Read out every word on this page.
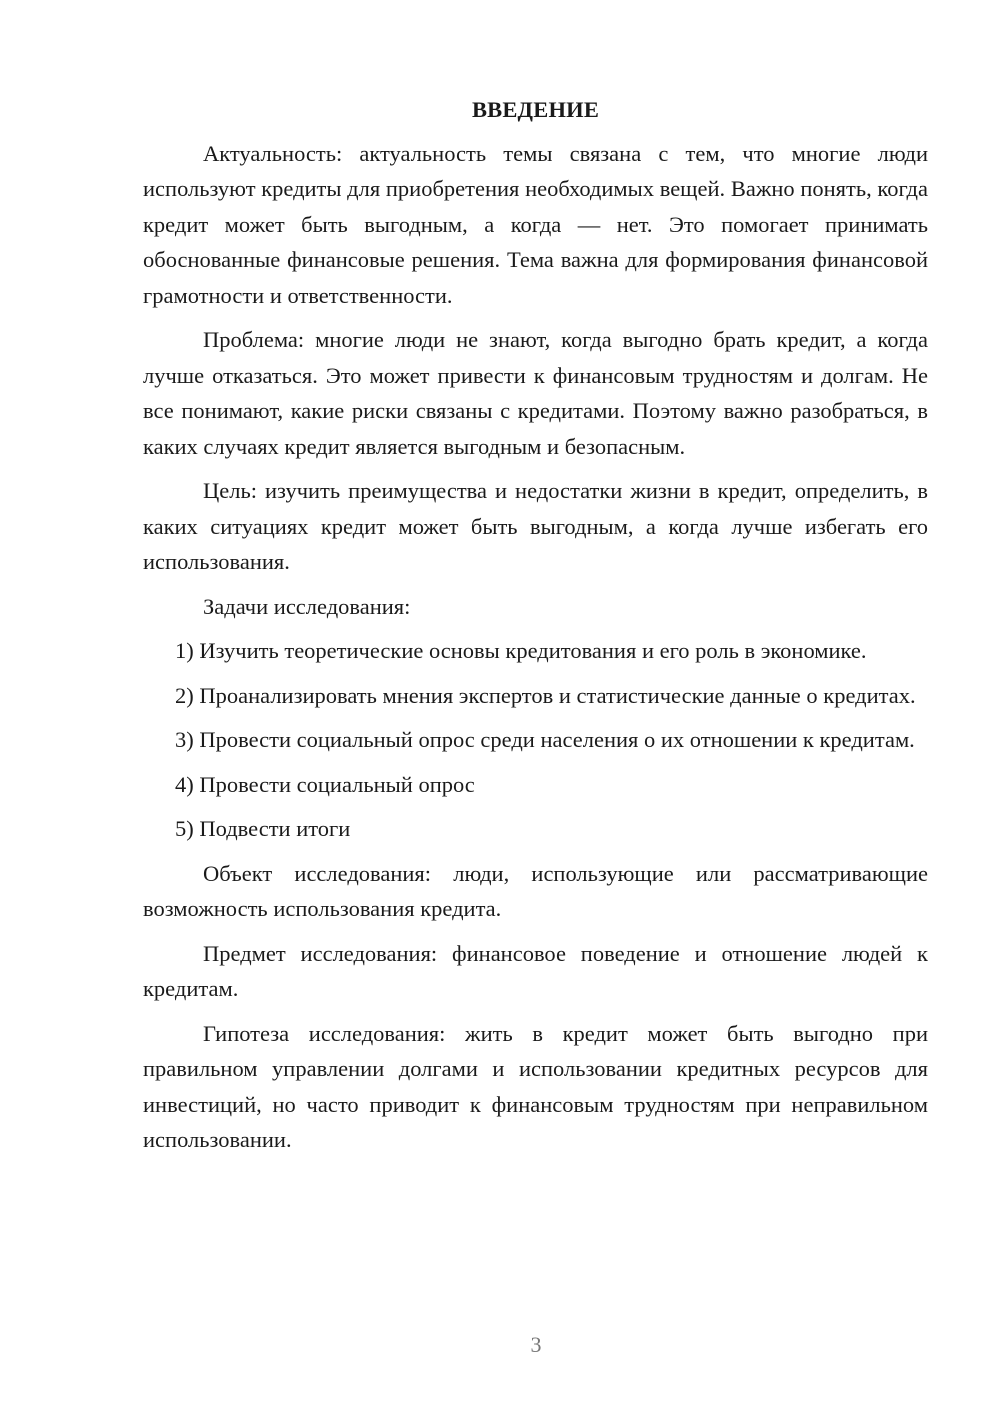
ВВЕДЕНИЕ

Актуальность: актуальность темы связана с тем, что многие люди используют кредиты для приобретения необходимых вещей. Важно понять, когда кредит может быть выгодным, а когда — нет. Это помогает принимать обоснованные финансовые решения. Тема важна для формирования финансовой грамотности и ответственности.

Проблема: многие люди не знают, когда выгодно брать кредит, а когда лучше отказаться. Это может привести к финансовым трудностям и долгам. Не все понимают, какие риски связаны с кредитами. Поэтому важно разобраться, в каких случаях кредит является выгодным и безопасным.

Цель: изучить преимущества и недостатки жизни в кредит, определить, в каких ситуациях кредит может быть выгодным, а когда лучше избегать его использования.

Задачи исследования:

1) Изучить теоретические основы кредитования и его роль в экономике.

2) Проанализировать мнения экспертов и статистические данные о кредитах.

3) Провести социальный опрос среди населения о их отношении к кредитам.

4) Провести социальный опрос

5) Подвести итоги

Объект исследования: люди, использующие или рассматривающие возможность использования кредита.

Предмет исследования: финансовое поведение и отношение людей к кредитам.

Гипотеза исследования: жить в кредит может быть выгодно при правильном управлении долгами и использовании кредитных ресурсов для инвестиций, но часто приводит к финансовым трудностям при неправильном использовании.

3
